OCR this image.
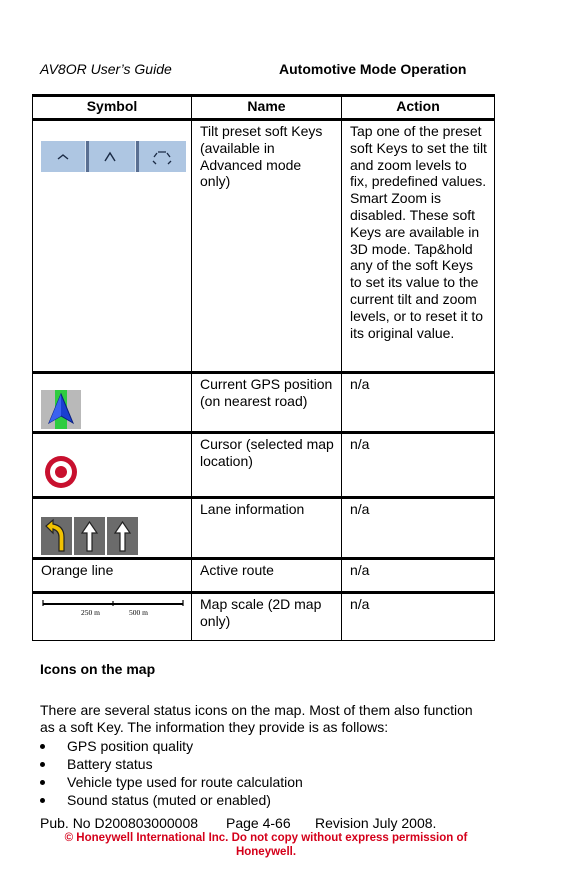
AV8OR User’s Guide	Automotive Mode Operation
Symbol	Name	Action

	Tilt preset soft Keys (available in Advanced mode only)	Tap one of the preset soft Keys to set the tilt and zoom levels to fix, predefined values. Smart Zoom is disabled. These soft Keys are available in 3D mode. Tap&hold any of the soft Keys to set its value to the current tilt and zoom levels, or to reset it to its original value.

	Current GPS position (on nearest road)	n/a
	Cursor (selected map location)	n/a

	Lane information	n/a
Orange line	Active route	n/a

250 m 500 m	Map scale (2D map only)	n/a
Icons on the map
There are several status icons on the map. Most of them also function as a soft Key. The information they provide is as follows:
GPS position quality
Battery status
Vehicle type used for route calculation
Sound status (muted or enabled)
Pub. No D200803000008 Page 4-66 Revision July 2008.
© Honeywell International Inc. Do not copy without express permission of
Honeywell.
